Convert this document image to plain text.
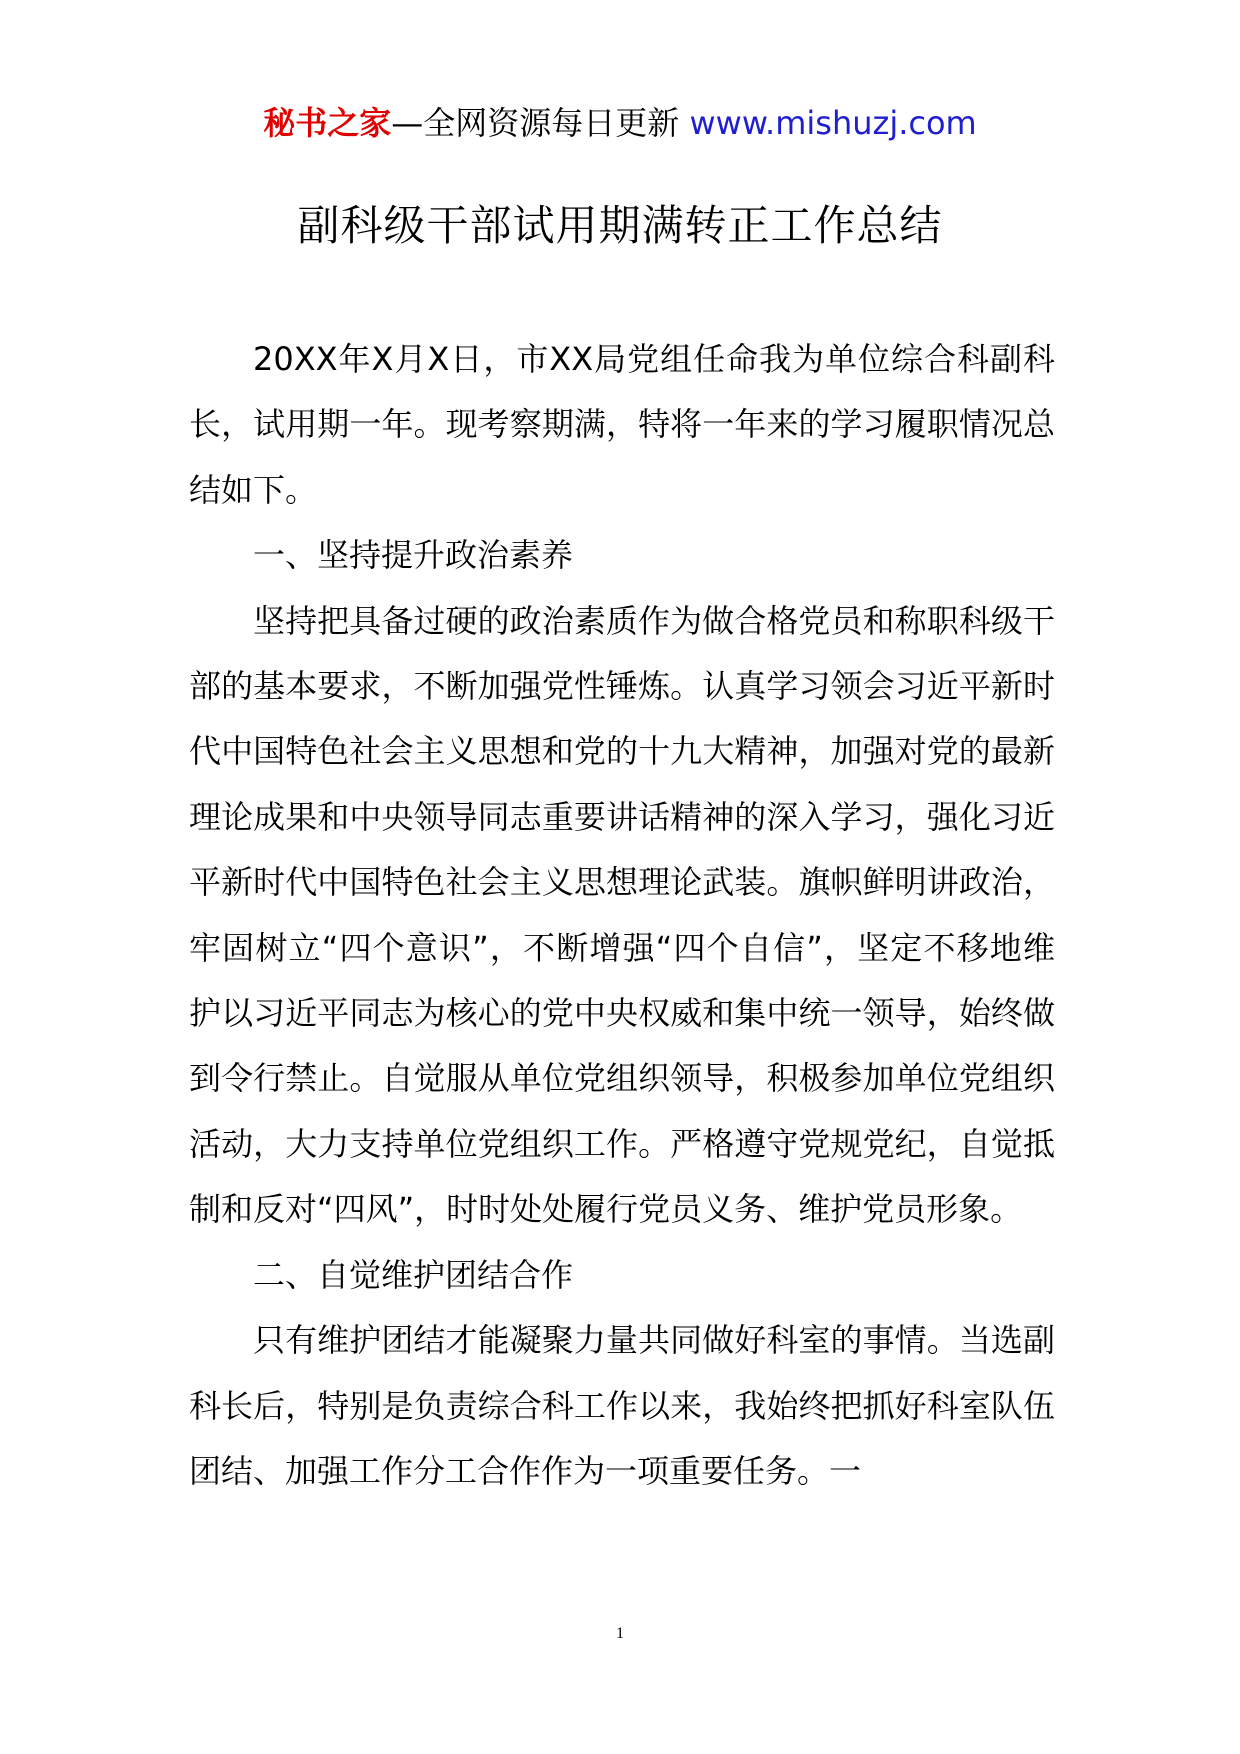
秘书之家—全网资源每日更新 www.mishuzj.com
副科级干部试用期满转正工作总结

20XX年X月X日，市XX局党组任命我为单位综合科副科长，试用期一年。现考察期满，特将一年来的学习履职情况总结如下。

一、坚持提升政治素养

坚持把具备过硬的政治素质作为做合格党员和称职科级干部的基本要求，不断加强党性锤炼。认真学习领会习近平新时代中国特色社会主义思想和党的十九大精神，加强对党的最新理论成果和中央领导同志重要讲话精神的深入学习，强化习近平新时代中国特色社会主义思想理论武装。旗帜鲜明讲政治，牢固树立“四个意识”，不断增强“四个自信”，坚定不移地维护以习近平同志为核心的党中央权威和集中统一领导，始终做到令行禁止。自觉服从单位党组织领导，积极参加单位党组织活动，大力支持单位党组织工作。严格遵守党规党纪，自觉抵制和反对“四风”，时时处处履行党员义务、维护党员形象。

二、自觉维护团结合作

只有维护团结才能凝聚力量共同做好科室的事情。当选副科长后，特别是负责综合科工作以来，我始终把抓好科室队伍团结、加强工作分工合作作为一项重要任务。一

1
